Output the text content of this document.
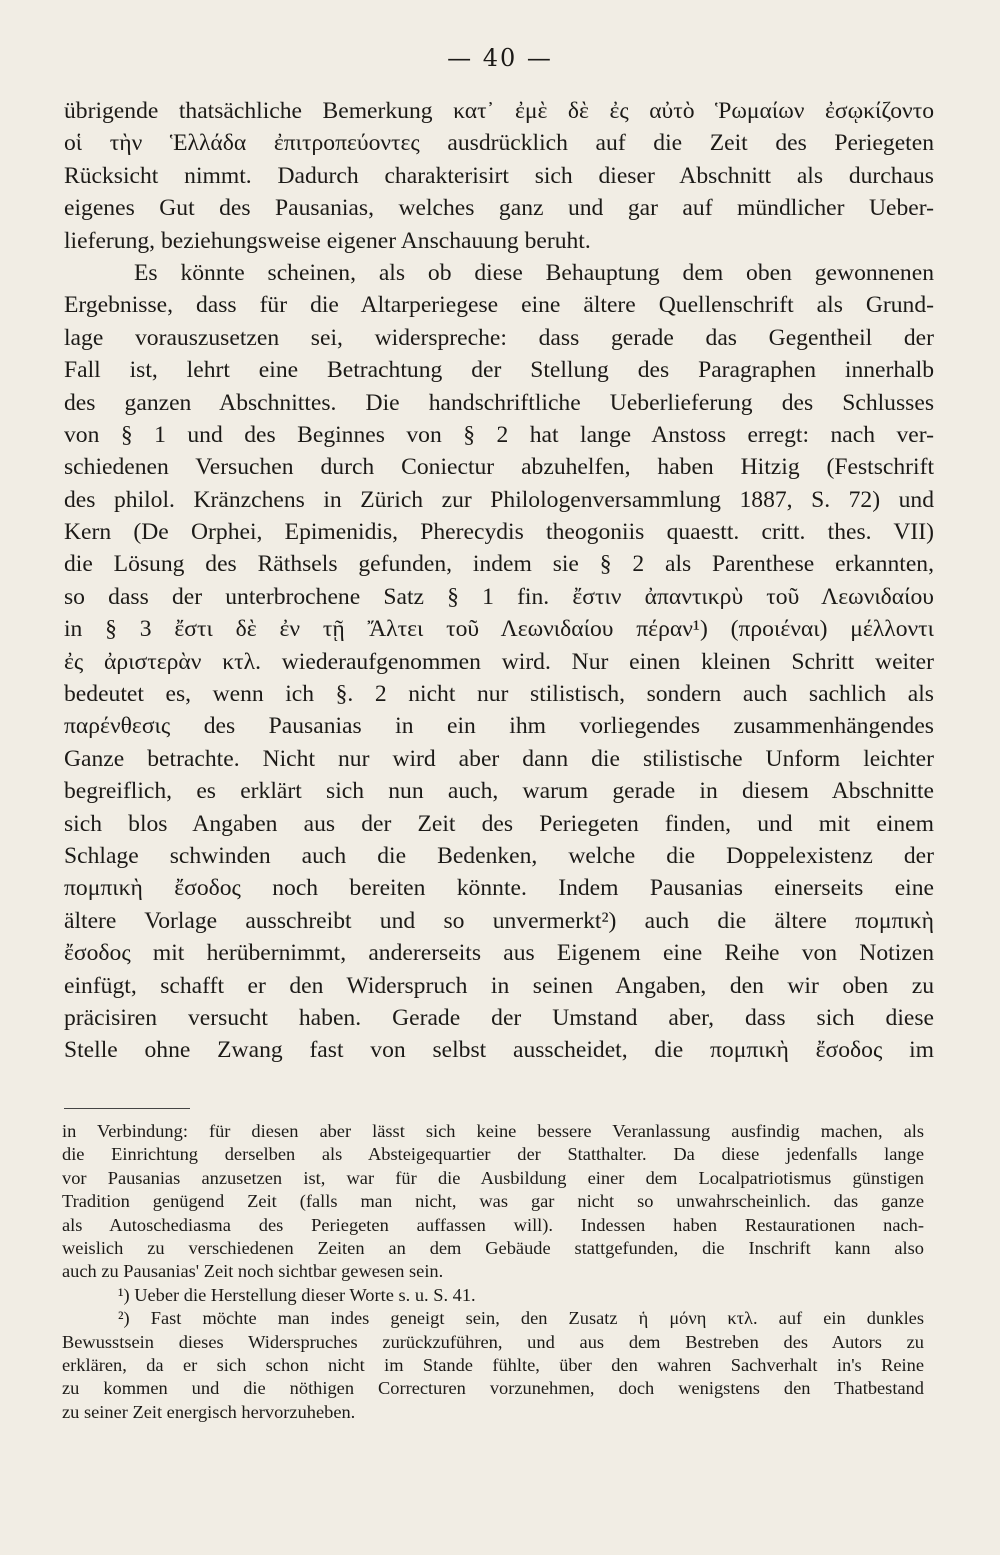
— 40 —
übrigende thatsächliche Bemerkung κατ᾽ ἐμὲ δὲ ἐς αὐτὸ Ῥωμαίων ἐσῳκίζοντο
οἱ τὴν Ἑλλάδα ἐπιτροπεύοντες ausdrücklich auf die Zeit des Periegeten
Rücksicht nimmt. Dadurch charakterisirt sich dieser Abschnitt als durchaus
eigenes Gut des Pausanias, welches ganz und gar auf mündlicher Ueber-
lieferung, beziehungsweise eigener Anschauung beruht.
Es könnte scheinen, als ob diese Behauptung dem oben gewonnenen
Ergebnisse, dass für die Altarperiegese eine ältere Quellenschrift als Grund-
lage vorauszusetzen sei, widerspreche: dass gerade das Gegentheil der
Fall ist, lehrt eine Betrachtung der Stellung des Paragraphen innerhalb
des ganzen Abschnittes. Die handschriftliche Ueberlieferung des Schlusses
von § 1 und des Beginnes von § 2 hat lange Anstoss erregt: nach ver-
schiedenen Versuchen durch Coniectur abzuhelfen, haben Hitzig (Festschrift
des philol. Kränzchens in Zürich zur Philologenversammlung 1887, S. 72) und
Kern (De Orphei, Epimenidis, Pherecydis theogoniis quaestt. critt. thes. VII)
die Lösung des Räthsels gefunden, indem sie § 2 als Parenthese erkannten,
so dass der unterbrochene Satz § 1 fin. ἔστιν ἀπαντικρὺ τοῦ Λεωνιδαίου
in § 3 ἔστι δὲ ἐν τῇ Ἄλτει τοῦ Λεωνιδαίου πέραν¹) (προιέναι) μέλλοντι
ἐς ἀριστερὰν κτλ. wiederaufgenommen wird. Nur einen kleinen Schritt weiter
bedeutet es, wenn ich §. 2 nicht nur stilistisch, sondern auch sachlich als
παρένθεσις des Pausanias in ein ihm vorliegendes zusammenhängendes
Ganze betrachte. Nicht nur wird aber dann die stilistische Unform leichter
begreiflich, es erklärt sich nun auch, warum gerade in diesem Abschnitte
sich blos Angaben aus der Zeit des Periegeten finden, und mit einem
Schlage schwinden auch die Bedenken, welche die Doppelexistenz der
πομπικὴ ἔσοδος noch bereiten könnte. Indem Pausanias einerseits eine
ältere Vorlage ausschreibt und so unvermerkt²) auch die ältere πομπικὴ
ἔσοδος mit herübernimmt, andererseits aus Eigenem eine Reihe von Notizen
einfügt, schafft er den Widerspruch in seinen Angaben, den wir oben zu
präcisiren versucht haben. Gerade der Umstand aber, dass sich diese
Stelle ohne Zwang fast von selbst ausscheidet, die πομπικὴ ἔσοδος im
in Verbindung: für diesen aber lässt sich keine bessere Veranlassung ausfindig machen, als
die Einrichtung derselben als Absteigequartier der Statthalter. Da diese jedenfalls lange
vor Pausanias anzusetzen ist, war für die Ausbildung einer dem Localpatriotismus günstigen
Tradition genügend Zeit (falls man nicht, was gar nicht so unwahrscheinlich. das ganze
als Autoschediasma des Periegeten auffassen will). Indessen haben Restaurationen nach-
weislich zu verschiedenen Zeiten an dem Gebäude stattgefunden, die Inschrift kann also
auch zu Pausanias' Zeit noch sichtbar gewesen sein.
¹) Ueber die Herstellung dieser Worte s. u. S. 41.
²) Fast möchte man indes geneigt sein, den Zusatz ἡ μόνη κτλ. auf ein dunkles
Bewusstsein dieses Widerspruches zurückzuführen, und aus dem Bestreben des Autors zu
erklären, da er sich schon nicht im Stande fühlte, über den wahren Sachverhalt in's Reine
zu kommen und die nöthigen Correcturen vorzunehmen, doch wenigstens den Thatbestand
zu seiner Zeit energisch hervorzuheben.
